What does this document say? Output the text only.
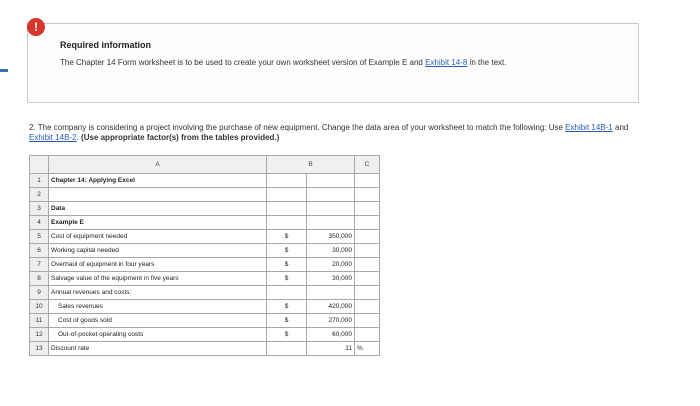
!
Required information
The Chapter 14 Form worksheet is to be used to create your own worksheet version of Example E and Exhibit 14-8 in the text.
2. The company is considering a project involving the purchase of new equipment. Change the data area of your worksheet to match the following: Use Exhibit 14B-1 and Exhibit 14B-2. (Use appropriate factor(s) from the tables provided.)
	A	B		C
1	Chapter 14: Applying Excel			
2				
3	Data			
4	Example E			
5	Cost of equipment needed	$	350,000	
6	Working capital needed	$	30,000	
7	Overhaul of equipment in four years	$	20,000	
8	Salvage value of the equipment in five years	$	30,000	
9	Annual revenues and costs:			
10	Sales revenues	$	420,000	
11	Cost of goods sold	$	270,000	
12	Out-of-pocket operating costs	$	60,000	
13	Discount rate		11	%
